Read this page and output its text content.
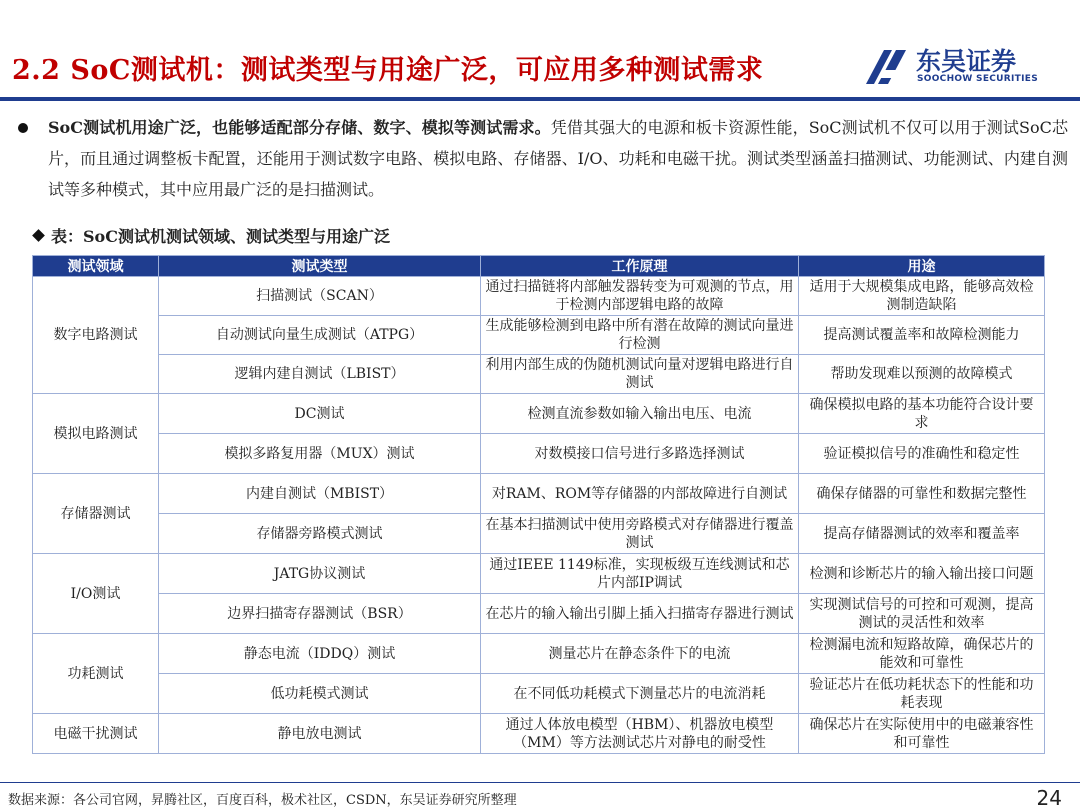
2.2 SoC测试机：测试类型与用途广泛，可应用多种测试需求	东吴证券
SOOCHOW SECURITIES

SoC测试机用途广泛，也能够适配部分存储、数字、模拟等测试需求。凭借其强大的电源和板卡资源性能，SoC测试机不仅可以用于测试SoC芯片，而且通过调整板卡配置，还能用于测试数字电路、模拟电路、存储器、I/O、功耗和电磁干扰。测试类型涵盖扫描测试、功能测试、内建自测试等多种模式，其中应用最广泛的是扫描测试。

表：SoC测试机测试领域、测试类型与用途广泛
测试领域	测试类型	工作原理	用途
数字电路测试	扫描测试（SCAN）	通过扫描链将内部触发器转变为可观测的节点，用于检测内部逻辑电路的故障	适用于大规模集成电路，能够高效检测制造缺陷
	自动测试向量生成测试（ATPG）	生成能够检测到电路中所有潜在故障的测试向量进行检测	提高测试覆盖率和故障检测能力
	逻辑内建自测试（LBIST）	利用内部生成的伪随机测试向量对逻辑电路进行自测试	帮助发现难以预测的故障模式
模拟电路测试	DC测试	检测直流参数如输入输出电压、电流	确保模拟电路的基本功能符合设计要求
	模拟多路复用器（MUX）测试	对数模接口信号进行多路选择测试	验证模拟信号的准确性和稳定性
存储器测试	内建自测试（MBIST）	对RAM、ROM等存储器的内部故障进行自测试	确保存储器的可靠性和数据完整性
	存储器旁路模式测试	在基本扫描测试中使用旁路模式对存储器进行覆盖测试	提高存储器测试的效率和覆盖率
I/O测试	JATG协议测试	通过IEEE 1149标准，实现板级互连线测试和芯片内部IP调试	检测和诊断芯片的输入输出接口问题
	边界扫描寄存器测试（BSR）	在芯片的输入输出引脚上插入扫描寄存器进行测试	实现测试信号的可控和可观测，提高测试的灵活性和效率
功耗测试	静态电流（IDDQ）测试	测量芯片在静态条件下的电流	检测漏电流和短路故障，确保芯片的能效和可靠性
	低功耗模式测试	在不同低功耗模式下测量芯片的电流消耗	验证芯片在低功耗状态下的性能和功耗表现
电磁干扰测试	静电放电测试	通过人体放电模型（HBM）、机器放电模型（MM）等方法测试芯片对静电的耐受性	确保芯片在实际使用中的电磁兼容性和可靠性
数据来源：各公司官网，昇腾社区，百度百科，极术社区，CSDN，东吴证券研究所整理	24
